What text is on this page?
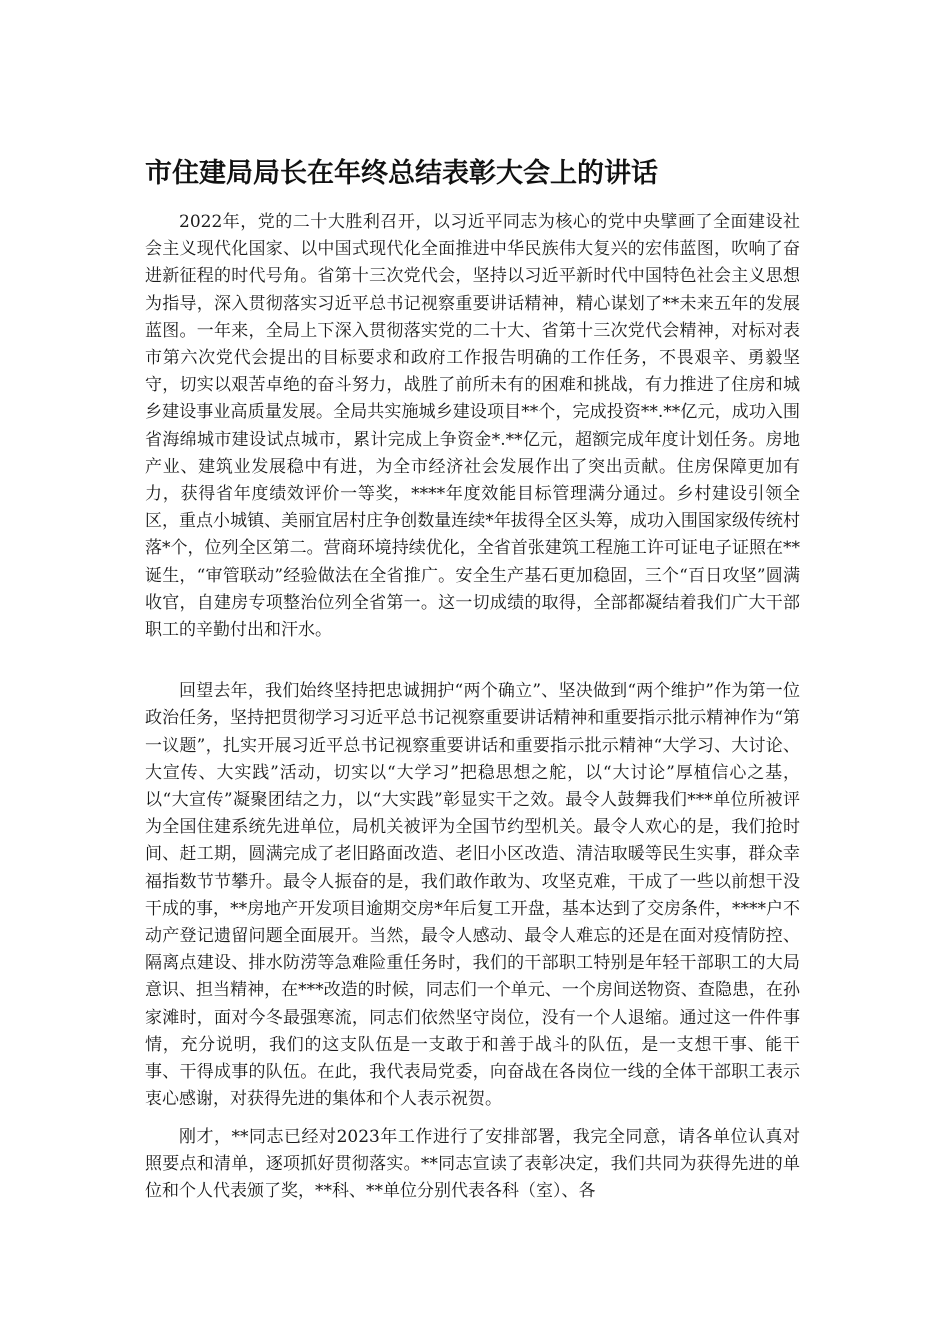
市住建局局长在年终总结表彰大会上的讲话

2022年，党的二十大胜利召开，以习近平同志为核心的党中央擘画了全面建设社会主义现代化国家、以中国式现代化全面推进中华民族伟大复兴的宏伟蓝图，吹响了奋进新征程的时代号角。省第十三次党代会，坚持以习近平新时代中国特色社会主义思想为指导，深入贯彻落实习近平总书记视察重要讲话精神，精心谋划了**未来五年的发展蓝图。一年来，全局上下深入贯彻落实党的二十大、省第十三次党代会精神，对标对表市第六次党代会提出的目标要求和政府工作报告明确的工作任务，不畏艰辛、勇毅坚守，切实以艰苦卓绝的奋斗努力，战胜了前所未有的困难和挑战，有力推进了住房和城乡建设事业高质量发展。全局共实施城乡建设项目**个，完成投资**.**亿元，成功入围省海绵城市建设试点城市，累计完成上争资金*.**亿元，超额完成年度计划任务。房地产业、建筑业发展稳中有进，为全市经济社会发展作出了突出贡献。住房保障更加有力，获得省年度绩效评价一等奖，****年度效能目标管理满分通过。乡村建设引领全区，重点小城镇、美丽宜居村庄争创数量连续*年拔得全区头筹，成功入围国家级传统村落*个，位列全区第二。营商环境持续优化，全省首张建筑工程施工许可证电子证照在**诞生，“审管联动”经验做法在全省推广。安全生产基石更加稳固，三个“百日攻坚”圆满收官，自建房专项整治位列全省第一。这一切成绩的取得，全部都凝结着我们广大干部职工的辛勤付出和汗水。

回望去年，我们始终坚持把忠诚拥护“两个确立”、坚决做到“两个维护”作为第一位政治任务，坚持把贯彻学习习近平总书记视察重要讲话精神和重要指示批示精神作为“第一议题”，扎实开展习近平总书记视察重要讲话和重要指示批示精神“大学习、大讨论、大宣传、大实践”活动，切实以“大学习”把稳思想之舵，以“大讨论”厚植信心之基，以“大宣传”凝聚团结之力，以“大实践”彰显实干之效。最令人鼓舞我们***单位所被评为全国住建系统先进单位，局机关被评为全国节约型机关。最令人欢心的是，我们抢时间、赶工期，圆满完成了老旧路面改造、老旧小区改造、清洁取暖等民生实事，群众幸福指数节节攀升。最令人振奋的是，我们敢作敢为、攻坚克难，干成了一些以前想干没干成的事，**房地产开发项目逾期交房*年后复工开盘，基本达到了交房条件，****户不动产登记遗留问题全面展开。当然，最令人感动、最令人难忘的还是在面对疫情防控、隔离点建设、排水防涝等急难险重任务时，我们的干部职工特别是年轻干部职工的大局意识、担当精神，在***改造的时候，同志们一个单元、一个房间送物资、查隐患，在孙家滩时，面对今冬最强寒流，同志们依然坚守岗位，没有一个人退缩。通过这一件件事情，充分说明，我们的这支队伍是一支敢于和善于战斗的队伍，是一支想干事、能干事、干得成事的队伍。在此，我代表局党委，向奋战在各岗位一线的全体干部职工表示衷心感谢，对获得先进的集体和个人表示祝贺。

刚才，**同志已经对2023年工作进行了安排部署，我完全同意，请各单位认真对照要点和清单，逐项抓好贯彻落实。**同志宣读了表彰决定，我们共同为获得先进的单位和个人代表颁了奖，**科、**单位分别代表各科（室）、各
